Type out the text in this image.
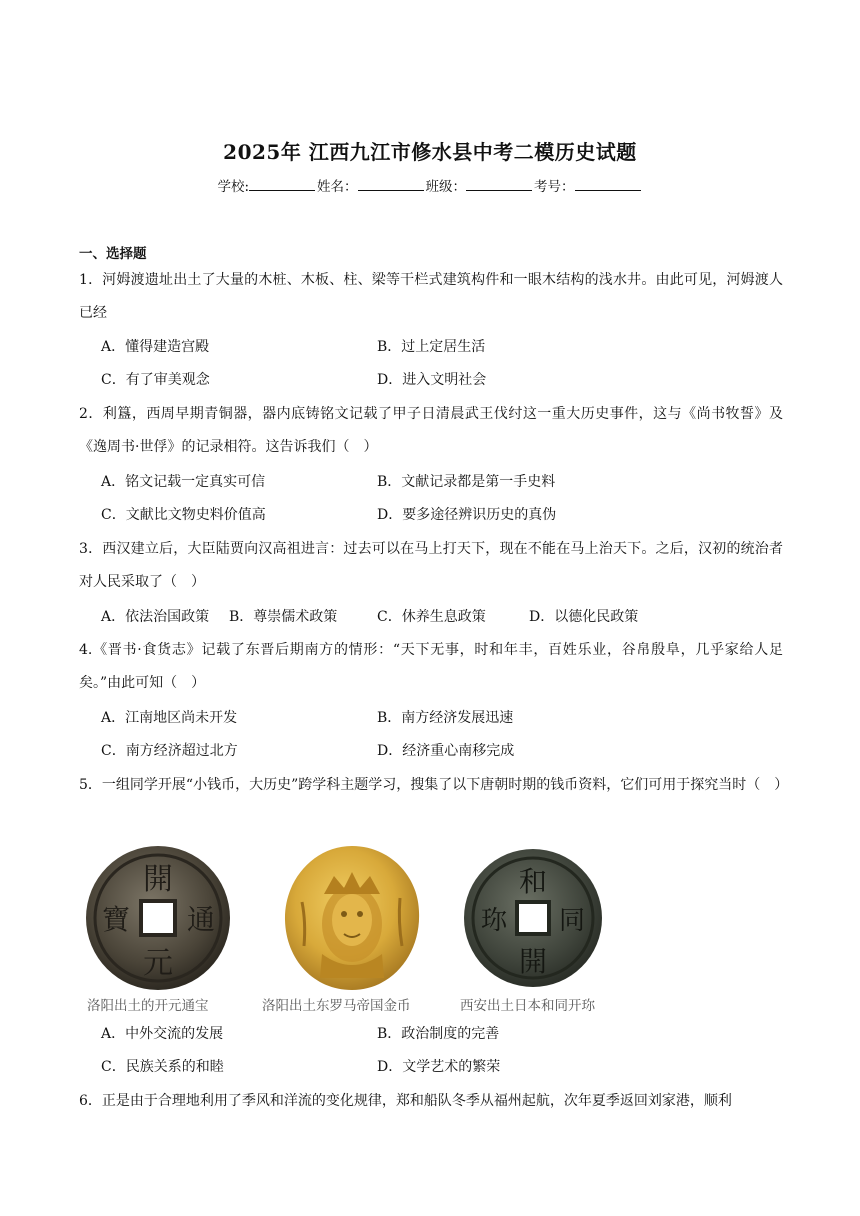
2025年 江西九江市修水县中考二模历史试题
学校:	姓名：	班级：	考号：
一、选择题
1．河姆渡遗址出土了大量的木桩、木板、柱、梁等干栏式建筑构件和一眼木结构的浅水井。由此可见，河姆渡人已经
A．懂得建造宫殿	B．过上定居生活
C．有了审美观念	D．进入文明社会
2．利簋，西周早期青铜器，器内底铸铭文记载了甲子日清晨武王伐纣这一重大历史事件，这与《尚书牧誓》及《逸周书·世俘》的记录相符。这告诉我们（　）
A．铭文记载一定真实可信	B．文献记录都是第一手史料
C．文献比文物史料价值高	D．要多途径辨识历史的真伪
3．西汉建立后，大臣陆贾向汉高祖进言：过去可以在马上打天下，现在不能在马上治天下。之后，汉初的统治者对人民采取了（　）
A．依法治国政策 B．尊崇儒术政策	C．休养生息政策	D．以德化民政策
4.《晋书·食货志》记载了东晋后期南方的情形：“天下无事，时和年丰，百姓乐业，谷帛殷阜，几乎家给人足矣。”由此可知（　）
A．江南地区尚未开发	B．南方经济发展迅速
C．南方经济超过北方	D．经济重心南移完成
5．一组同学开展“小钱币，大历史”跨学科主题学习，搜集了以下唐朝时期的钱币资料，它们可用于探究当时（　）
開
元
寶 通
和
開
珎 同
洛阳出土的开元通宝	洛阳出土东罗马帝国金币	西安出土日本和同开珎
A．中外交流的发展	B．政治制度的完善
C．民族关系的和睦	D．文学艺术的繁荣
6．正是由于合理地利用了季风和洋流的变化规律，郑和船队冬季从福州起航，次年夏季返回刘家港，顺利
